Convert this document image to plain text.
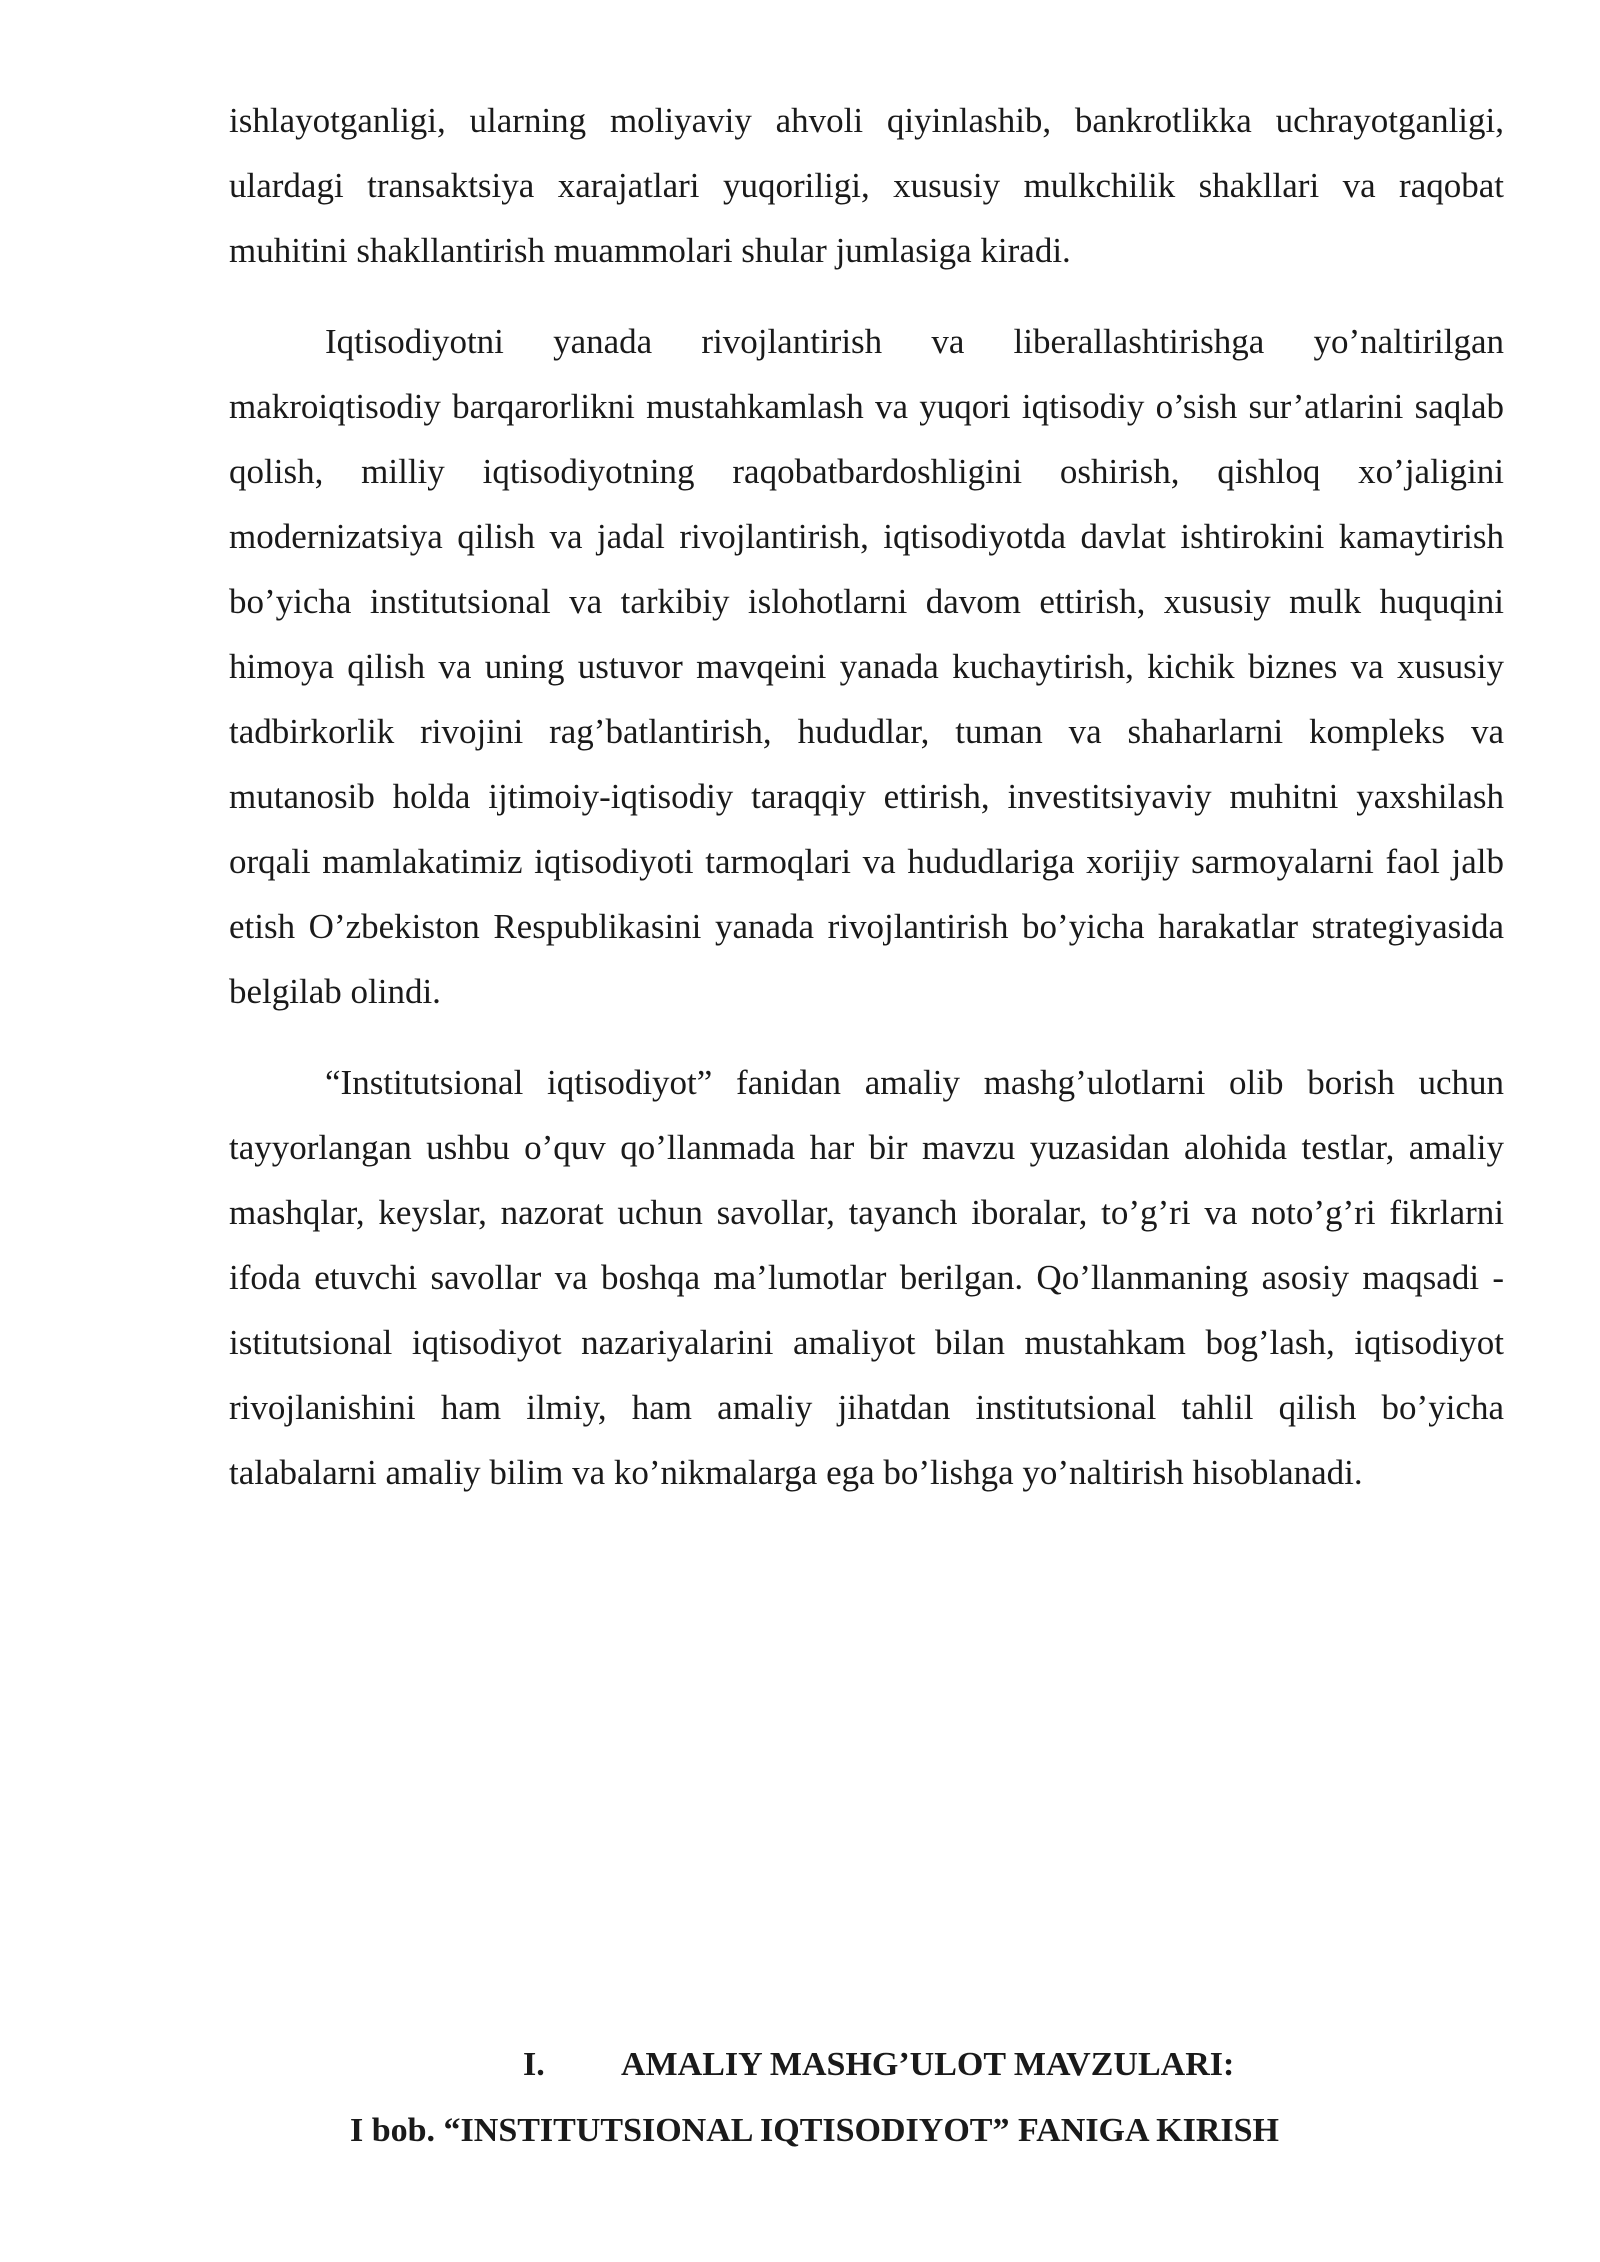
ishlayotganligi, ularning moliyaviy ahvoli qiyinlashib, bankrotlikka uchrayotganligi, ulardagi transaktsiya xarajatlari yuqoriligi, xususiy mulkchilik shakllari va raqobat muhitini shakllantirish muammolari shular jumlasiga kiradi.

Iqtisodiyotni yanada rivojlantirish va liberallashtirishga yo’naltirilgan makroiqtisodiy barqarorlikni mustahkamlash va yuqori iqtisodiy o’sish sur’atlarini saqlab qolish, milliy iqtisodiyotning raqobatbardoshligini oshirish, qishloq xo’jaligini modernizatsiya qilish va jadal rivojlantirish, iqtisodiyotda davlat ishtirokini kamaytirish bo’yicha institutsional va tarkibiy islohotlarni davom ettirish, xususiy mulk huquqini himoya qilish va uning ustuvor mavqeini yanada kuchaytirish, kichik biznes va xususiy tadbirkorlik rivojini rag’batlantirish, hududlar, tuman va shaharlarni kompleks va mutanosib holda ijtimoiy-iqtisodiy taraqqiy ettirish, investitsiyaviy muhitni yaxshilash orqali mamlakatimiz iqtisodiyoti tarmoqlari va hududlariga xorijiy sarmoyalarni faol jalb etish O’zbekiston Respublikasini yanada rivojlantirish bo’yicha harakatlar strategiyasida belgilab olindi.

“Institutsional iqtisodiyot” fanidan amaliy mashg’ulotlarni olib borish uchun tayyorlangan ushbu o’quv qo’llanmada har bir mavzu yuzasidan alohida testlar, amaliy mashqlar, keyslar, nazorat uchun savollar, tayanch iboralar, to’g’ri va noto’g’ri fikrlarni ifoda etuvchi savollar va boshqa ma’lumotlar berilgan. Qo’llanmaning asosiy maqsadi - istitutsional iqtisodiyot nazariyalarini amaliyot bilan mustahkam bog’lash, iqtisodiyot rivojlanishini ham ilmiy, ham amaliy jihatdan institutsional tahlil qilish bo’yicha talabalarni amaliy bilim va ko’nikmalarga ega bo’lishga yo’naltirish hisoblanadi.

I. AMALIY MASHG’ULOT MAVZULARI:
I bob. “INSTITUTSIONAL IQTISODIYOT” FANIGA KIRISH
